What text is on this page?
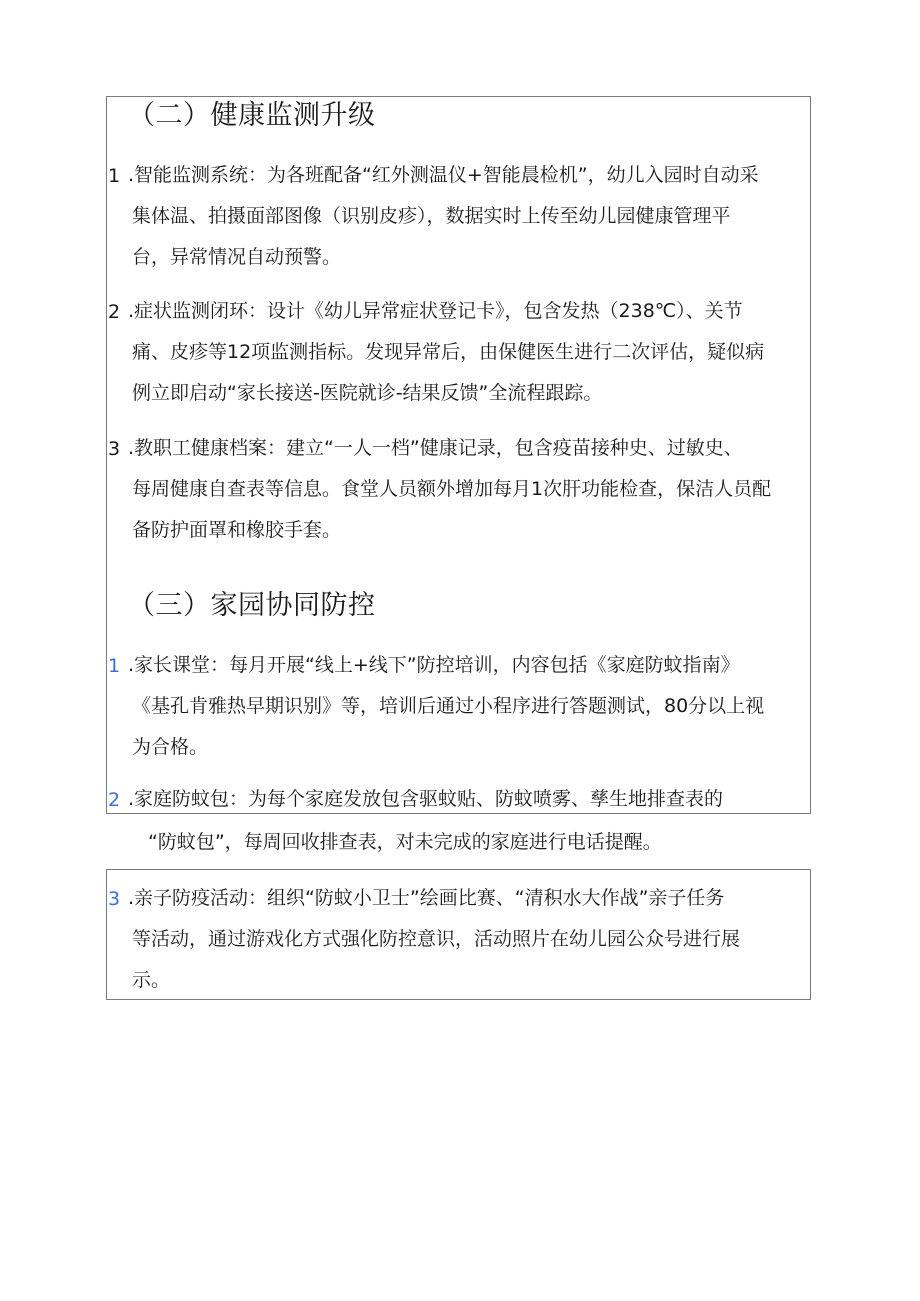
（二）健康监测升级
1 .智能监测系统：为各班配备“红外测温仪+智能晨检机”，幼儿入园时自动采
集体温、拍摄面部图像（识别皮疹），数据实时上传至幼儿园健康管理平
台，异常情况自动预警。
2 .症状监测闭环：设计《幼儿异常症状登记卡》，包含发热（238℃）、关节
痛、皮疹等12项监测指标。发现异常后，由保健医生进行二次评估，疑似病
例立即启动“家长接送-医院就诊-结果反馈”全流程跟踪。
3 .教职工健康档案：建立“一人一档”健康记录，包含疫苗接种史、过敏史、
每周健康自查表等信息。食堂人员额外增加每月1次肝功能检查，保洁人员配
备防护面罩和橡胶手套。
（三）家园协同防控
1 .家长课堂：每月开展“线上+线下”防控培训，内容包括《家庭防蚊指南》
《基孔肯雅热早期识别》等，培训后通过小程序进行答题测试，80分以上视
为合格。
2 .家庭防蚊包：为每个家庭发放包含驱蚊贴、防蚊喷雾、孳生地排查表的
“防蚊包”，每周回收排查表，对未完成的家庭进行电话提醒。
3 .亲子防疫活动：组织“防蚊小卫士”绘画比赛、“清积水大作战”亲子任务
等活动，通过游戏化方式强化防控意识，活动照片在幼儿园公众号进行展
示。
